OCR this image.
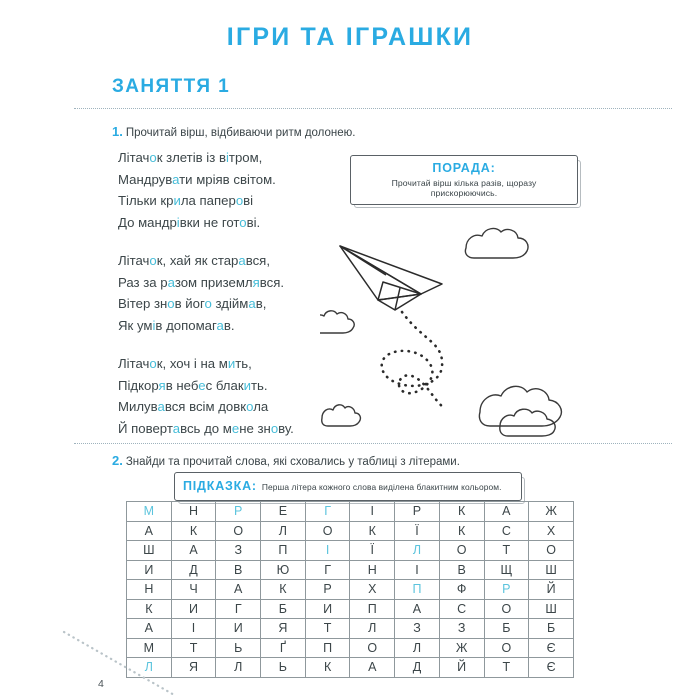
ІГРИ ТА ІГРАШКИ
ЗАНЯТТЯ 1
1. Прочитай вірш, відбиваючи ритм долонею.
Літачок злетів із вітром,
Мандрувати мріяв світом.
Тільки крила паперові
До мандрівки не готові.
Літачок, хай як старався,
Раз за разом приземлявся.
Вітер знов його здіймав,
Як умів допомагав.
Літачок, хоч і на мить,
Підкоряв небес блакить.
Милувався всім довкола
Й повертавсь до мене знову.
ПОРАДА:
Прочитай вірш кілька разів, щоразу прискорюючись.
2. Знайди та прочитай слова, які сховались у таблиці з літерами.
ПІДКАЗКА: Перша літера кожного слова виділена блакитним кольором.
М	Н	Р	Е	Г	І	Р	К	А	Ж
А	К	О	Л	О	К	Ї	К	С	Х
Ш	А	З	П	І	Ї	Л	О	Т	О
И	Д	В	Ю	Г	Н	І	В	Щ	Ш
Н	Ч	А	К	Р	Х	П	Ф	Р	Й
К	И	Г	Б	И	П	А	С	О	Ш
А	І	И	Я	Т	Л	З	З	Б	Б
М	Т	Ь	Ґ	П	О	Л	Ж	О	Є
Л	Я	Л	Ь	К	А	Д	Й	Т	Є
4
